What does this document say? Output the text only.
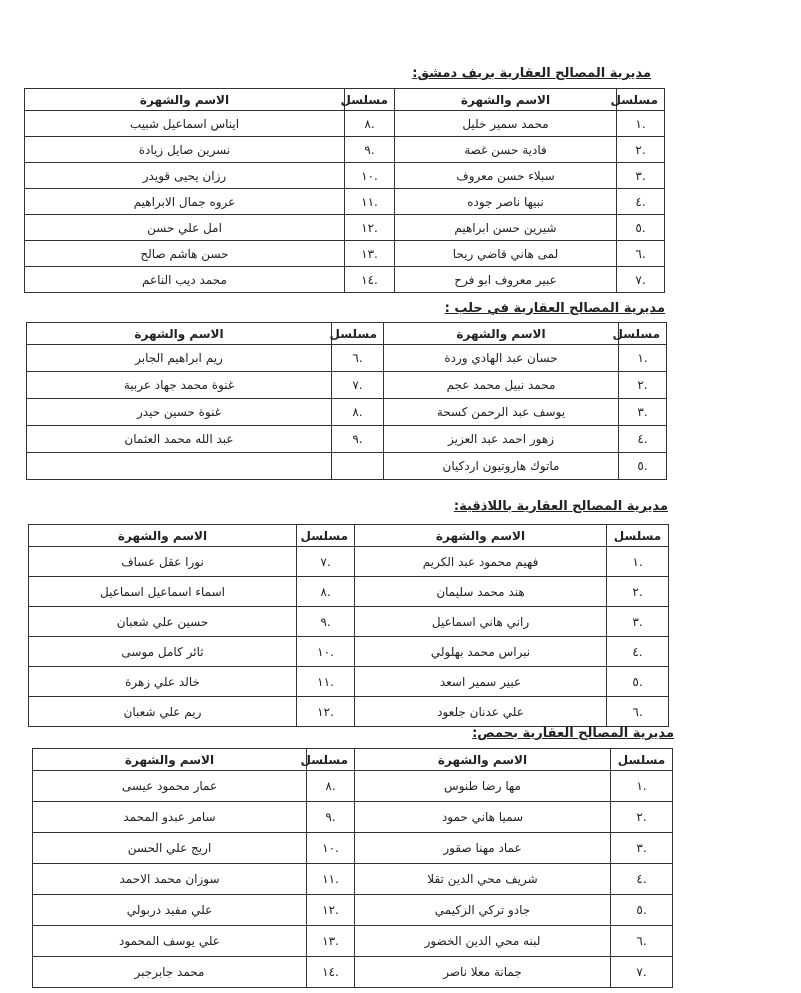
مديرية المصالح العقارية بريف دمشق:
مسلسل	الاسم والشهرة	مسلسل	الاسم والشهرة
.١	محمد سمير خليل	.٨	ايناس اسماعيل شبيب
.٢	فادية حسن غصة	.٩	نسرين صايل زيادة
.٣	سبلاء حسن معروف	.١٠	رزان يحيى قويدر
.٤	نبيها ناصر جوده	.١١	عروه جمال الابراهيم
.٥	شيرين حسن ابراهيم	.١٢	امل علي حسن
.٦	لمى هاني قاضي ريحا	.١٣	حسن هاشم صالح
.٧	عبير معروف ابو فرح	.١٤	محمد ديب الناعم
مديرية المصالح العقارية في حلب :
مسلسل	الاسم والشهرة	مسلسل	الاسم والشهرة
.١	حسان عبد الهادي وردة	.٦	ريم ابراهيم الجابر
.٢	محمد نبيل محمد عجم	.٧	غنوة محمد جهاد عربية
.٣	يوسف عبد الرحمن كسحة	.٨	غنوة حسين حيدر
.٤	زهور احمد عبد العزيز	.٩	عبد الله محمد العثمان
.٥	ماتوك هاروتيون اردكيان		
مديرية المصالح العقارية باللاذقية:
مسلسل	الاسم والشهرة	مسلسل	الاسم والشهرة
.١	فهيم محمود عبد الكريم	.٧	نورا عقل عساف
.٢	هند محمد سليمان	.٨	اسماء اسماعيل اسماعيل
.٣	راني هاني اسماعيل	.٩	حسين علي شعبان
.٤	نبراس محمد بهلولي	.١٠	ثائر كامل موسى
.٥	عبير سمير اسعد	.١١	خالد علي زهرة
.٦	علي عدنان جلعود	.١٢	ريم علي شعبان
مديرية المصالح العقارية بحمص:
مسلسل	الاسم والشهرة	مسلسل	الاسم والشهرة
.١	مها رضا طنوس	.٨	عمار محمود عيسى
.٢	سميا هاني حمود	.٩	سامر عبدو المحمد
.٣	عماد مهنا صقور	.١٠	اريج علي الحسن
.٤	شريف محي الدين تقلا	.١١	سوزان محمد الاحمد
.٥	جادو تركي الزكيمي	.١٢	علي مفيد دربولي
.٦	لبنه محي الدين الخضور	.١٣	علي يوسف المحمود
.٧	جمانة معلا ناصر	.١٤	محمد جابرجبر
